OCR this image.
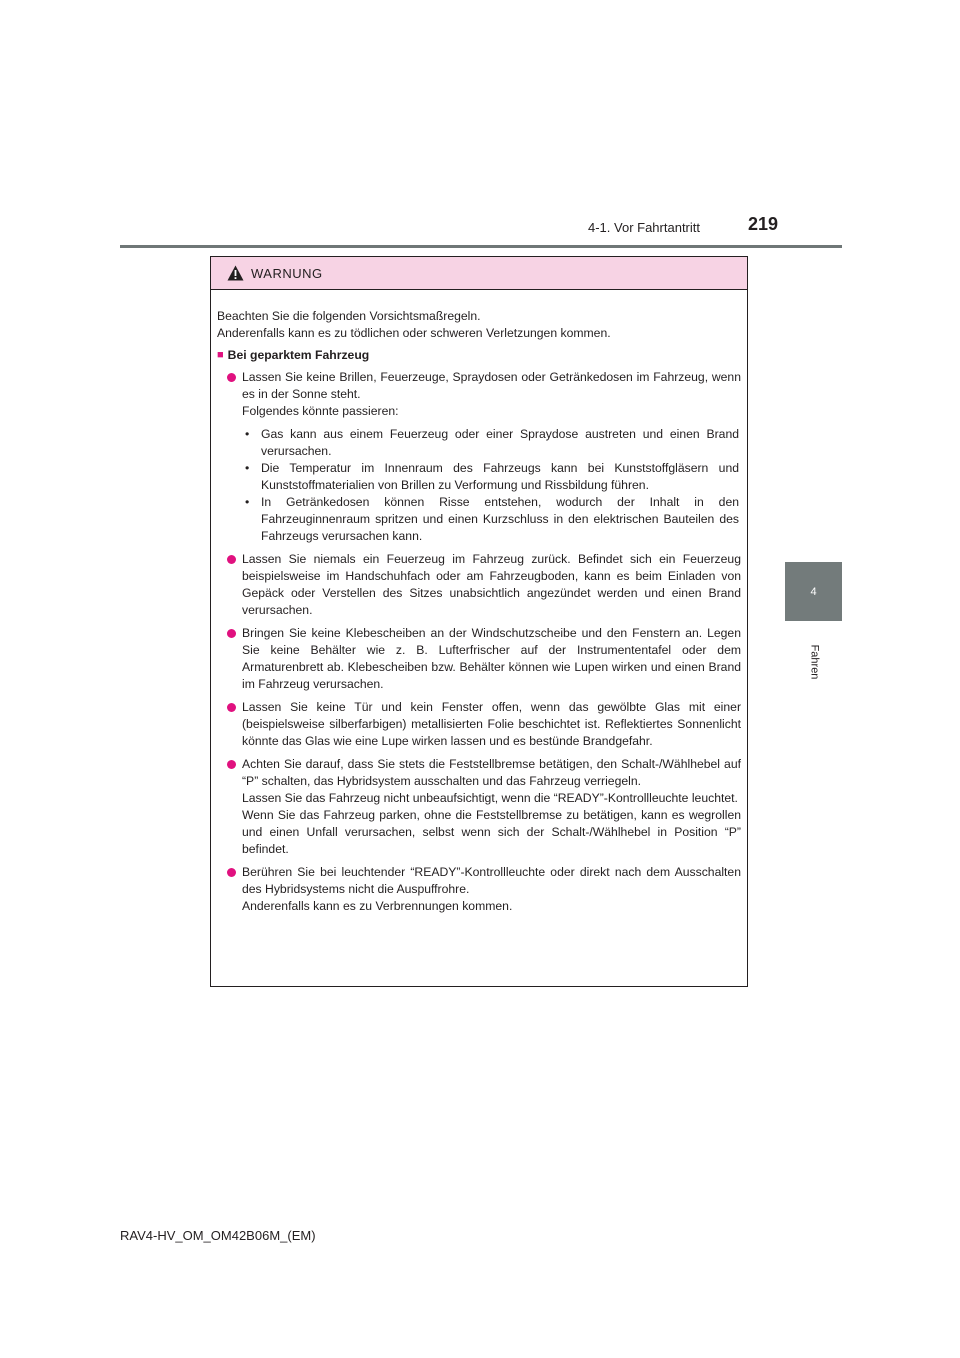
4-1. Vor Fahrtantritt	219
4
Fahren
WARNUNG

Beachten Sie die folgenden Vorsichtsmaßregeln.
Anderenfalls kann es zu tödlichen oder schweren Verletzungen kommen.

■ Bei geparktem Fahrzeug

Lassen Sie keine Brillen, Feuerzeuge, Spraydosen oder Getränkedosen im Fahrzeug, wenn es in der Sonne steht.

Folgendes könnte passieren:

• Gas kann aus einem Feuerzeug oder einer Spraydose austreten und einen Brand verursachen.
• Die Temperatur im Innenraum des Fahrzeugs kann bei Kunststoffgläsern und Kunststoffmaterialien von Brillen zu Verformung und Rissbildung führen.
• In Getränkedosen können Risse entstehen, wodurch der Inhalt in den Fahrzeuginnenraum spritzen und einen Kurzschluss in den elektrischen Bauteilen des Fahrzeugs verursachen kann.

Lassen Sie niemals ein Feuerzeug im Fahrzeug zurück. Befindet sich ein Feuerzeug beispielsweise im Handschuhfach oder am Fahrzeugboden, kann es beim Einladen von Gepäck oder Verstellen des Sitzes unabsichtlich angezündet werden und einen Brand verursachen.

Bringen Sie keine Klebescheiben an der Windschutzscheibe und den Fenstern an. Legen Sie keine Behälter wie z. B. Lufterfrischer auf der Instrumententafel oder dem Armaturenbrett ab. Klebescheiben bzw. Behälter können wie Lupen wirken und einen Brand im Fahrzeug verursachen.

Lassen Sie keine Tür und kein Fenster offen, wenn das gewölbte Glas mit einer (beispielsweise silberfarbigen) metallisierten Folie beschichtet ist. Reflektiertes Sonnenlicht könnte das Glas wie eine Lupe wirken lassen und es bestünde Brandgefahr.

Achten Sie darauf, dass Sie stets die Feststellbremse betätigen, den Schalt-/Wählhebel auf “P” schalten, das Hybridsystem ausschalten und das Fahrzeug verriegeln.

Lassen Sie das Fahrzeug nicht unbeaufsichtigt, wenn die “READY”-Kontrollleuchte leuchtet.

Wenn Sie das Fahrzeug parken, ohne die Feststellbremse zu betätigen, kann es wegrollen und einen Unfall verursachen, selbst wenn sich der Schalt-/Wählhebel in Position “P” befindet.

Berühren Sie bei leuchtender “READY”-Kontrollleuchte oder direkt nach dem Ausschalten des Hybridsystems nicht die Auspuffrohre.

Anderenfalls kann es zu Verbrennungen kommen.

RAV4-HV_OM_OM42B06M_(EM)
